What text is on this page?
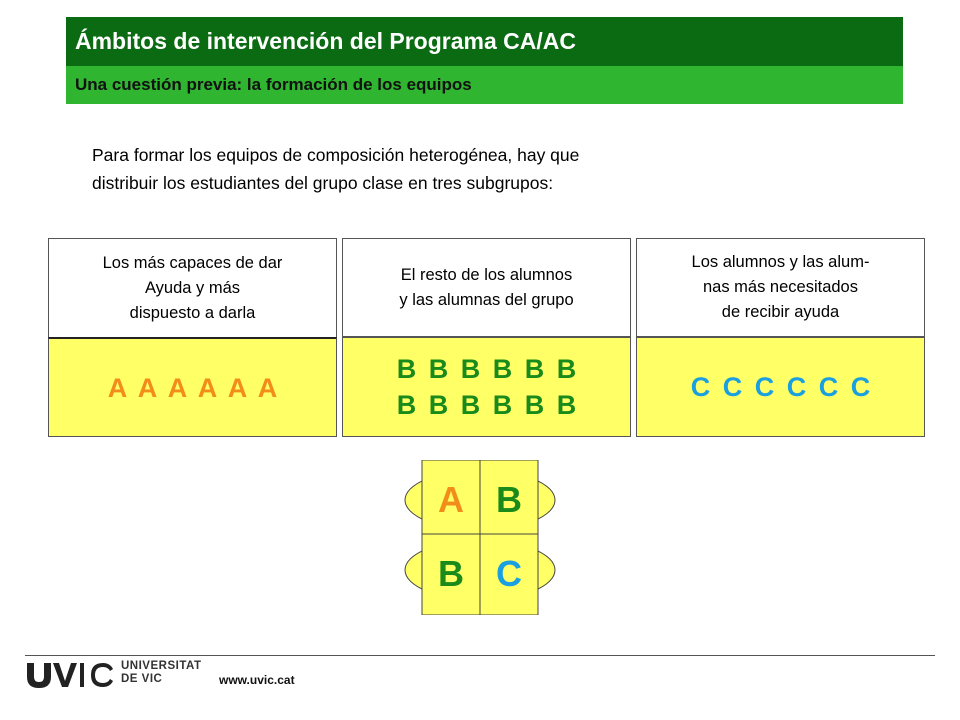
Ámbitos de intervención del Programa CA/AC
Una cuestión previa: la formación de los equipos
Para formar los equipos de composición heterogénea, hay que
distribuir los estudiantes del grupo clase en tres subgrupos:
Los más capaces de dar
Ayuda y más
dispuesto a darla
A A A A A A
El resto de los alumnos
y las alumnas del grupo
B B B B B B
B B B B B B
Los alumnos y las alum-
nas más necesitados
de recibir ayuda
C C C C C C
A B
B C
UNIVERSITAT
DE VIC	www.uvic.cat
